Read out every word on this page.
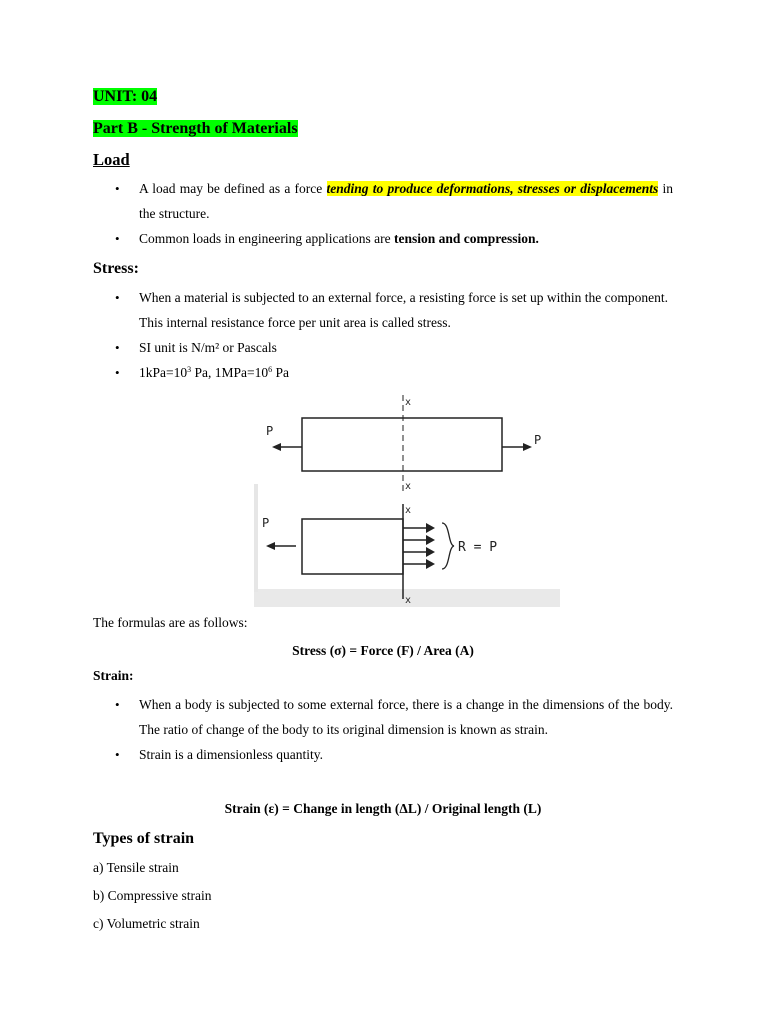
UNIT: 04
Part B - Strength of Materials
Load
• A load may be defined as a force tending to produce deformations, stresses or displacements in the structure.
• Common loads in engineering applications are tension and compression.
Stress:
• When a material is subjected to an external force, a resisting force is set up within the component. This internal resistance force per unit area is called stress.
• SI unit is N/m² or Pascals
• $1kPa=10^3$ Pa, $1MPa=10^6$ Pa
P
P
x
x
R = P
P
x
x
The formulas are as follows:
Stress (σ) = Force (F) / Area (A)
Strain:
• When a body is subjected to some external force, there is a change in the dimensions of the body. The ratio of change of the body to its original dimension is known as strain.
• Strain is a dimensionless quantity.
Strain (ε) = Change in length (ΔL) / Original length (L)
Types of strain
a) Tensile strain
b) Compressive strain
c) Volumetric strain
